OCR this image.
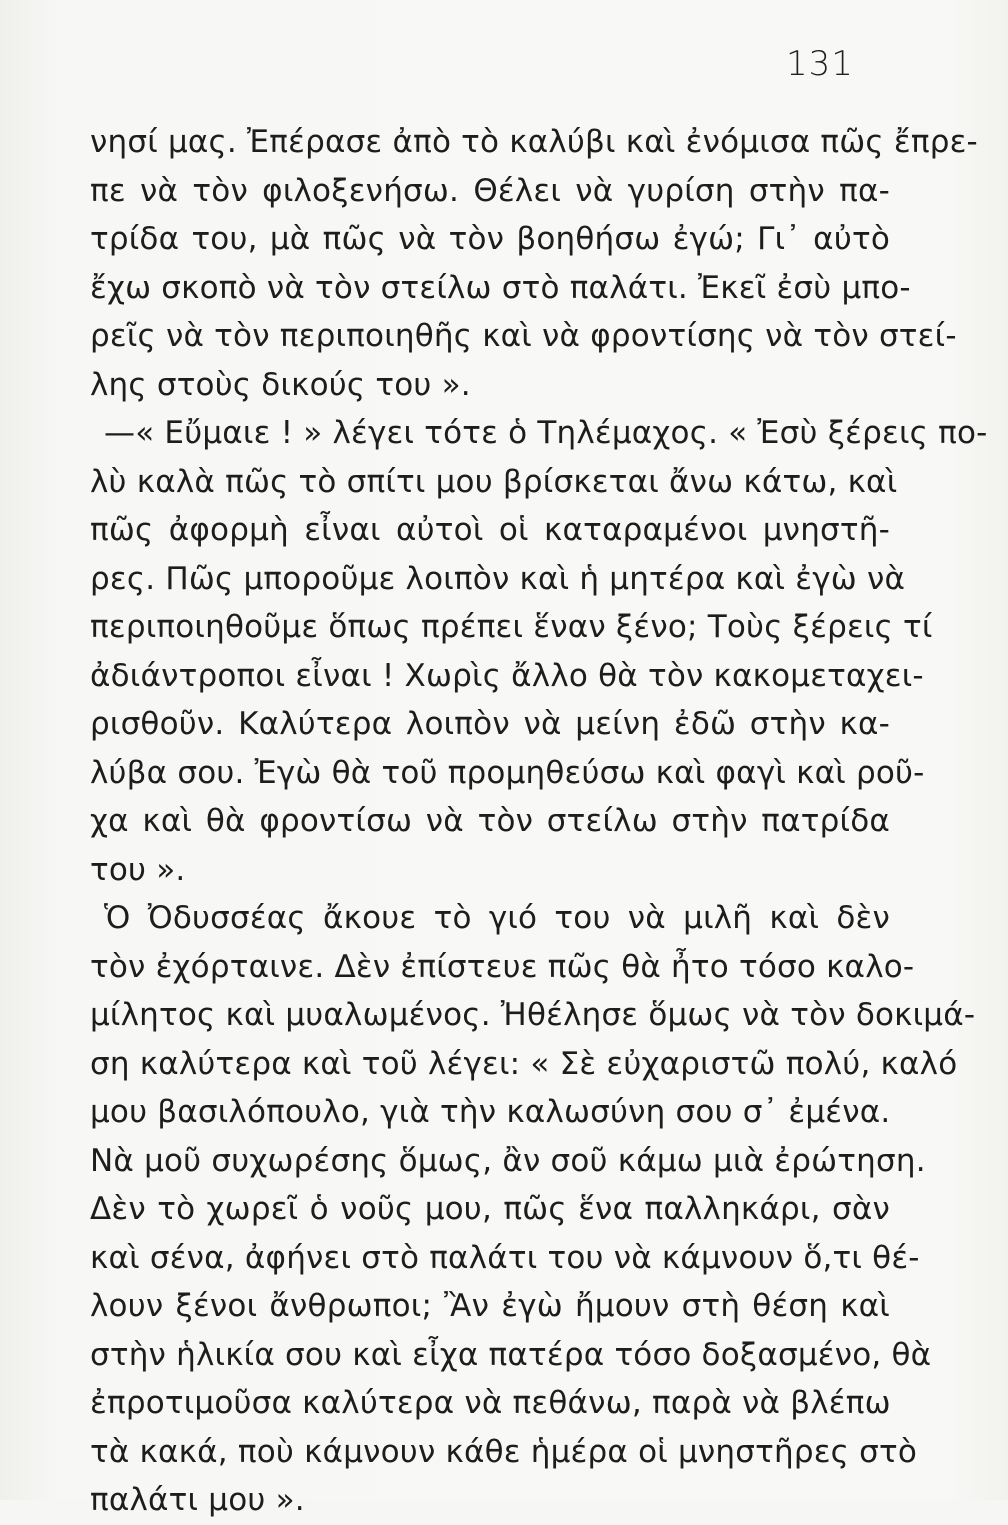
131
νησί μας. Ἐπέρασε ἀπὸ τὸ καλύβι καὶ ἐνόμισα πῶς ἔπρε-
πε νὰ τὸν φιλοξενήσω. Θέλει νὰ γυρίση στὴν πα-
τρίδα του, μὰ πῶς νὰ τὸν βοηθήσω ἐγώ; Γι᾿ αὐτὸ
ἔχω σκοπὸ νὰ τὸν στείλω στὸ παλάτι. Ἐκεῖ ἐσὺ μπο-
ρεῖς νὰ τὸν περιποιηθῆς καὶ νὰ φροντίσης νὰ τὸν στεί-
λης στοὺς δικούς του ».
—« Εὔμαιε ! » λέγει τότε ὁ Τηλέμαχος. « Ἐσὺ ξέρεις πο-
λὺ καλὰ πῶς τὸ σπίτι μου βρίσκεται ἄνω κάτω, καὶ
πῶς ἀφορμὴ εἶναι αὐτοὶ οἱ καταραμένοι μνηστῆ-
ρες. Πῶς μποροῦμε λοιπὸν καὶ ἡ μητέρα καὶ ἐγὼ νὰ
περιποιηθοῦμε ὅπως πρέπει ἕναν ξένο; Τοὺς ξέρεις τί
ἀδιάντροποι εἶναι ! Χωρὶς ἄλλο θὰ τὸν κακομεταχει-
ρισθοῦν. Καλύτερα λοιπὸν νὰ μείνη ἐδῶ στὴν κα-
λύβα σου. Ἐγὼ θὰ τοῦ προμηθεύσω καὶ φαγὶ καὶ ροῦ-
χα καὶ θὰ φροντίσω νὰ τὸν στείλω στὴν πατρίδα
του ».
Ὁ Ὀδυσσέας ἄκουε τὸ γιό του νὰ μιλῆ καὶ δὲν
τὸν ἐχόρταινε. Δὲν ἐπίστευε πῶς θὰ ἦτο τόσο καλο-
μίλητος καὶ μυαλωμένος. Ἠθέλησε ὅμως νὰ τὸν δοκιμά-
ση καλύτερα καὶ τοῦ λέγει: « Σὲ εὐχαριστῶ πολύ, καλό
μου βασιλόπουλο, γιὰ τὴν καλωσύνη σου σ᾿ ἐμένα.
Νὰ μοῦ συχωρέσης ὅμως, ἂν σοῦ κάμω μιὰ ἐρώτηση.
Δὲν τὸ χωρεῖ ὁ νοῦς μου, πῶς ἕνα παλληκάρι, σὰν
καὶ σένα, ἀφήνει στὸ παλάτι του νὰ κάμνουν ὅ,τι θέ-
λουν ξένοι ἄνθρωποι; Ἂν ἐγὼ ἤμουν στὴ θέση καὶ
στὴν ἡλικία σου καὶ εἶχα πατέρα τόσο δοξασμένο, θὰ
ἐπροτιμοῦσα καλύτερα νὰ πεθάνω, παρὰ νὰ βλέπω
τὰ κακά, ποὺ κάμνουν κάθε ἡμέρα οἱ μνηστῆρες στὸ
παλάτι μου ».
